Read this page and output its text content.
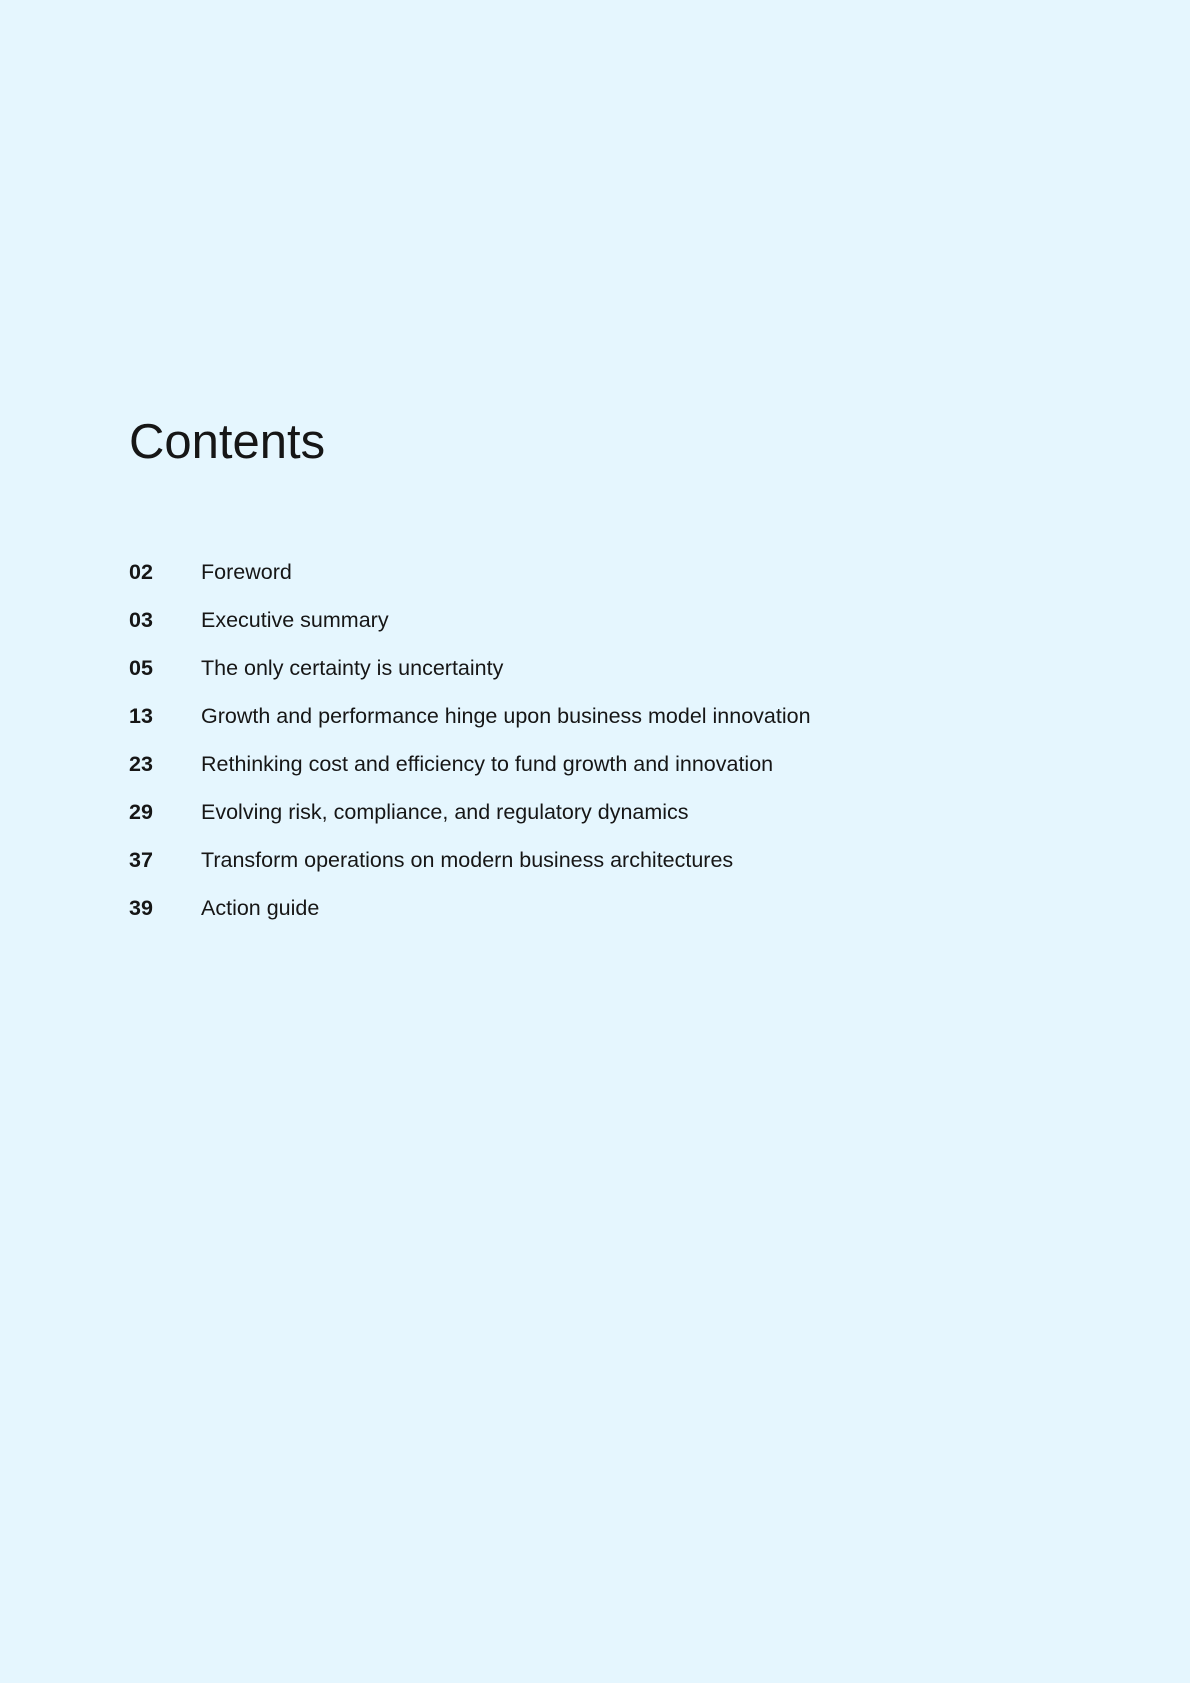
Contents
02	Foreword
03	Executive summary
05	The only certainty is uncertainty
13	Growth and performance hinge upon business model innovation
23	Rethinking cost and efficiency to fund growth and innovation
29	Evolving risk, compliance, and regulatory dynamics
37	Transform operations on modern business architectures
39	Action guide
